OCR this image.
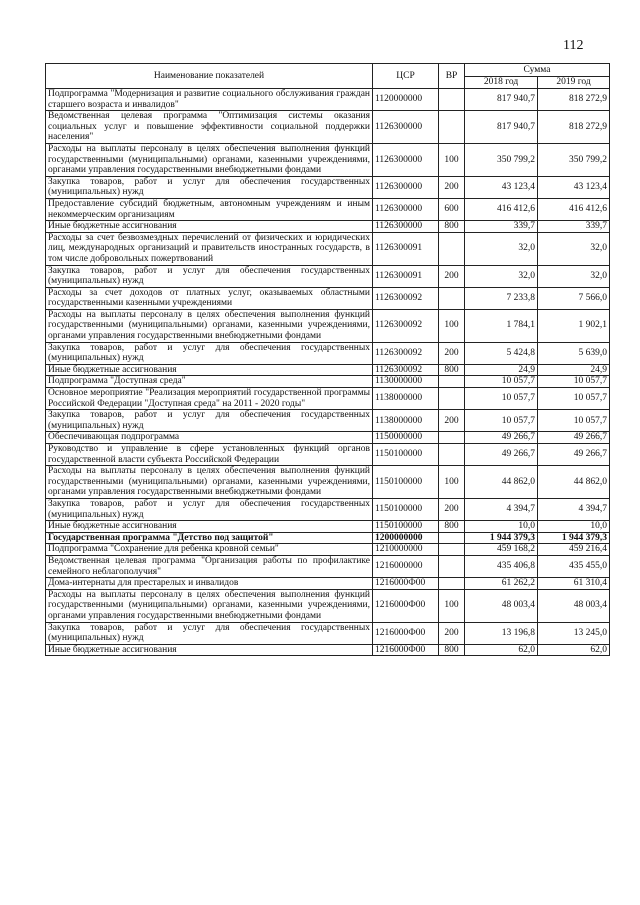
112
Наименование показателей	ЦСР	ВР	Сумма	
			2018 год	2019 год
Подпрограмма "Модернизация и развитие социального обслуживания граждан старшего возраста и инвалидов"	1120000000		817 940,7	818 272,9
Ведомственная целевая программа "Оптимизация системы оказания социальных услуг и повышение эффективности социальной поддержки населения"	1126300000		817 940,7	818 272,9
Расходы на выплаты персоналу в целях обеспечения выполнения функций государственными (муниципальными) органами, казенными учреждениями, органами управления государственными внебюджетными фондами	1126300000	100	350 799,2	350 799,2
Закупка товаров, работ и услуг для обеспечения государственных (муниципальных) нужд	1126300000	200	43 123,4	43 123,4
Предоставление субсидий бюджетным, автономным учреждениям и иным некоммерческим организациям	1126300000	600	416 412,6	416 412,6
Иные бюджетные ассигнования	1126300000	800	339,7	339,7
Расходы за счет безвозмездных перечислений от физических и юридических лиц, международных организаций и правительств иностранных государств, в том числе добровольных пожертвований	1126300091		32,0	32,0
Закупка товаров, работ и услуг для обеспечения государственных (муниципальных) нужд	1126300091	200	32,0	32,0
Расходы за счет доходов от платных услуг, оказываемых областными государственными казенными учреждениями	1126300092		7 233,8	7 566,0
Расходы на выплаты персоналу в целях обеспечения выполнения функций государственными (муниципальными) органами, казенными учреждениями, органами управления государственными внебюджетными фондами	1126300092	100	1 784,1	1 902,1
Закупка товаров, работ и услуг для обеспечения государственных (муниципальных) нужд	1126300092	200	5 424,8	5 639,0
Иные бюджетные ассигнования	1126300092	800	24,9	24,9
Подпрограмма "Доступная среда"	1130000000		10 057,7	10 057,7
Основное мероприятие "Реализация мероприятий государственной программы Российской Федерации "Доступная среда" на 2011 - 2020 годы"	1138000000		10 057,7	10 057,7
Закупка товаров, работ и услуг для обеспечения государственных (муниципальных) нужд	1138000000	200	10 057,7	10 057,7
Обеспечивающая подпрограмма	1150000000		49 266,7	49 266,7
Руководство и управление в сфере установленных функций органов государственной власти субъекта Российской Федерации	1150100000		49 266,7	49 266,7
Расходы на выплаты персоналу в целях обеспечения выполнения функций государственными (муниципальными) органами, казенными учреждениями, органами управления государственными внебюджетными фондами	1150100000	100	44 862,0	44 862,0
Закупка товаров, работ и услуг для обеспечения государственных (муниципальных) нужд	1150100000	200	4 394,7	4 394,7
Иные бюджетные ассигнования	1150100000	800	10,0	10,0
Государственная программа "Детство под защитой"	1200000000		1 944 379,3	1 944 379,3
Подпрограмма "Сохранение для ребенка кровной семьи"	1210000000		459 168,2	459 216,4
Ведомственная целевая программа "Организация работы по профилактике семейного неблагополучия"	1216000000		435 406,8	435 455,0
Дома-интернаты для престарелых и инвалидов	1216000Ф00		61 262,2	61 310,4
Расходы на выплаты персоналу в целях обеспечения выполнения функций государственными (муниципальными) органами, казенными учреждениями, органами управления государственными внебюджетными фондами	1216000Ф00	100	48 003,4	48 003,4
Закупка товаров, работ и услуг для обеспечения государственных (муниципальных) нужд	1216000Ф00	200	13 196,8	13 245,0
Иные бюджетные ассигнования	1216000Ф00	800	62,0	62,0
